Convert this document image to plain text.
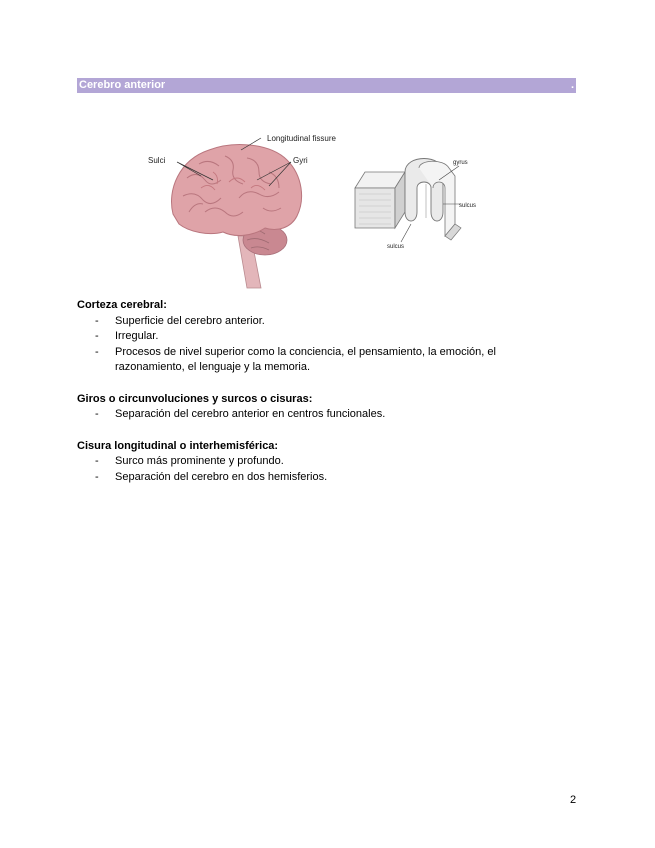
Cerebro anterior	.
Longitudinal fissure
Sulci	Gyri	gyrus
sulcus
sulcus

Corteza cerebral:

- Superficie del cerebro anterior.
- Irregular.
- Procesos de nivel superior como la conciencia, el pensamiento, la emoción, el razonamiento, el lenguaje y la memoria.

Giros o circunvoluciones y surcos o cisuras:

- Separación del cerebro anterior en centros funcionales.

Cisura longitudinal o interhemisférica:

- Surco más prominente y profundo.
- Separación del cerebro en dos hemisferios.
2
